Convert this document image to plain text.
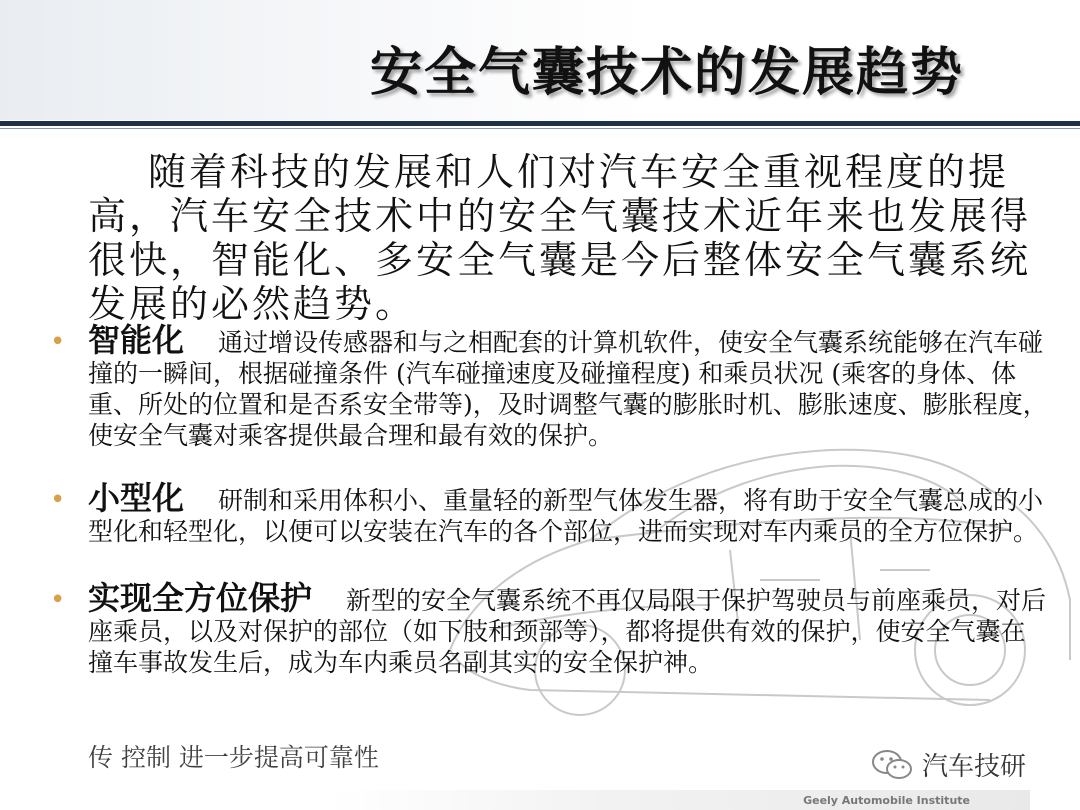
安全气囊技术的发展趋势
随着科技的发展和人们对汽车安全重视程度的提高，汽车安全技术中的安全气囊技术近年来也发展得很快，智能化、多安全气囊是今后整体安全气囊系统发展的必然趋势。
• 智能化 通过增设传感器和与之相配套的计算机软件，使安全气囊系统能够在汽车碰撞的一瞬间，根据碰撞条件 (汽车碰撞速度及碰撞程度) 和乘员状况 (乘客的身体、体重、所处的位置和是否系安全带等)，及时调整气囊的膨胀时机、膨胀速度、膨胀程度，使安全气囊对乘客提供最合理和最有效的保护。
• 小型化 研制和采用体积小、重量轻的新型气体发生器，将有助于安全气囊总成的小型化和轻型化，以便可以安装在汽车的各个部位，进而实现对车内乘员的全方位保护。
• 实现全方位保护 新型的安全气囊系统不再仅局限于保护驾驶员与前座乘员，对后座乘员，以及对保护的部位（如下肢和颈部等），都将提供有效的保护，使安全气囊在撞车事故发生后，成为车内乘员名副其实的安全保护神。
传 控制 进一步提高可靠性	汽车技研
Geely Automobile Institute
